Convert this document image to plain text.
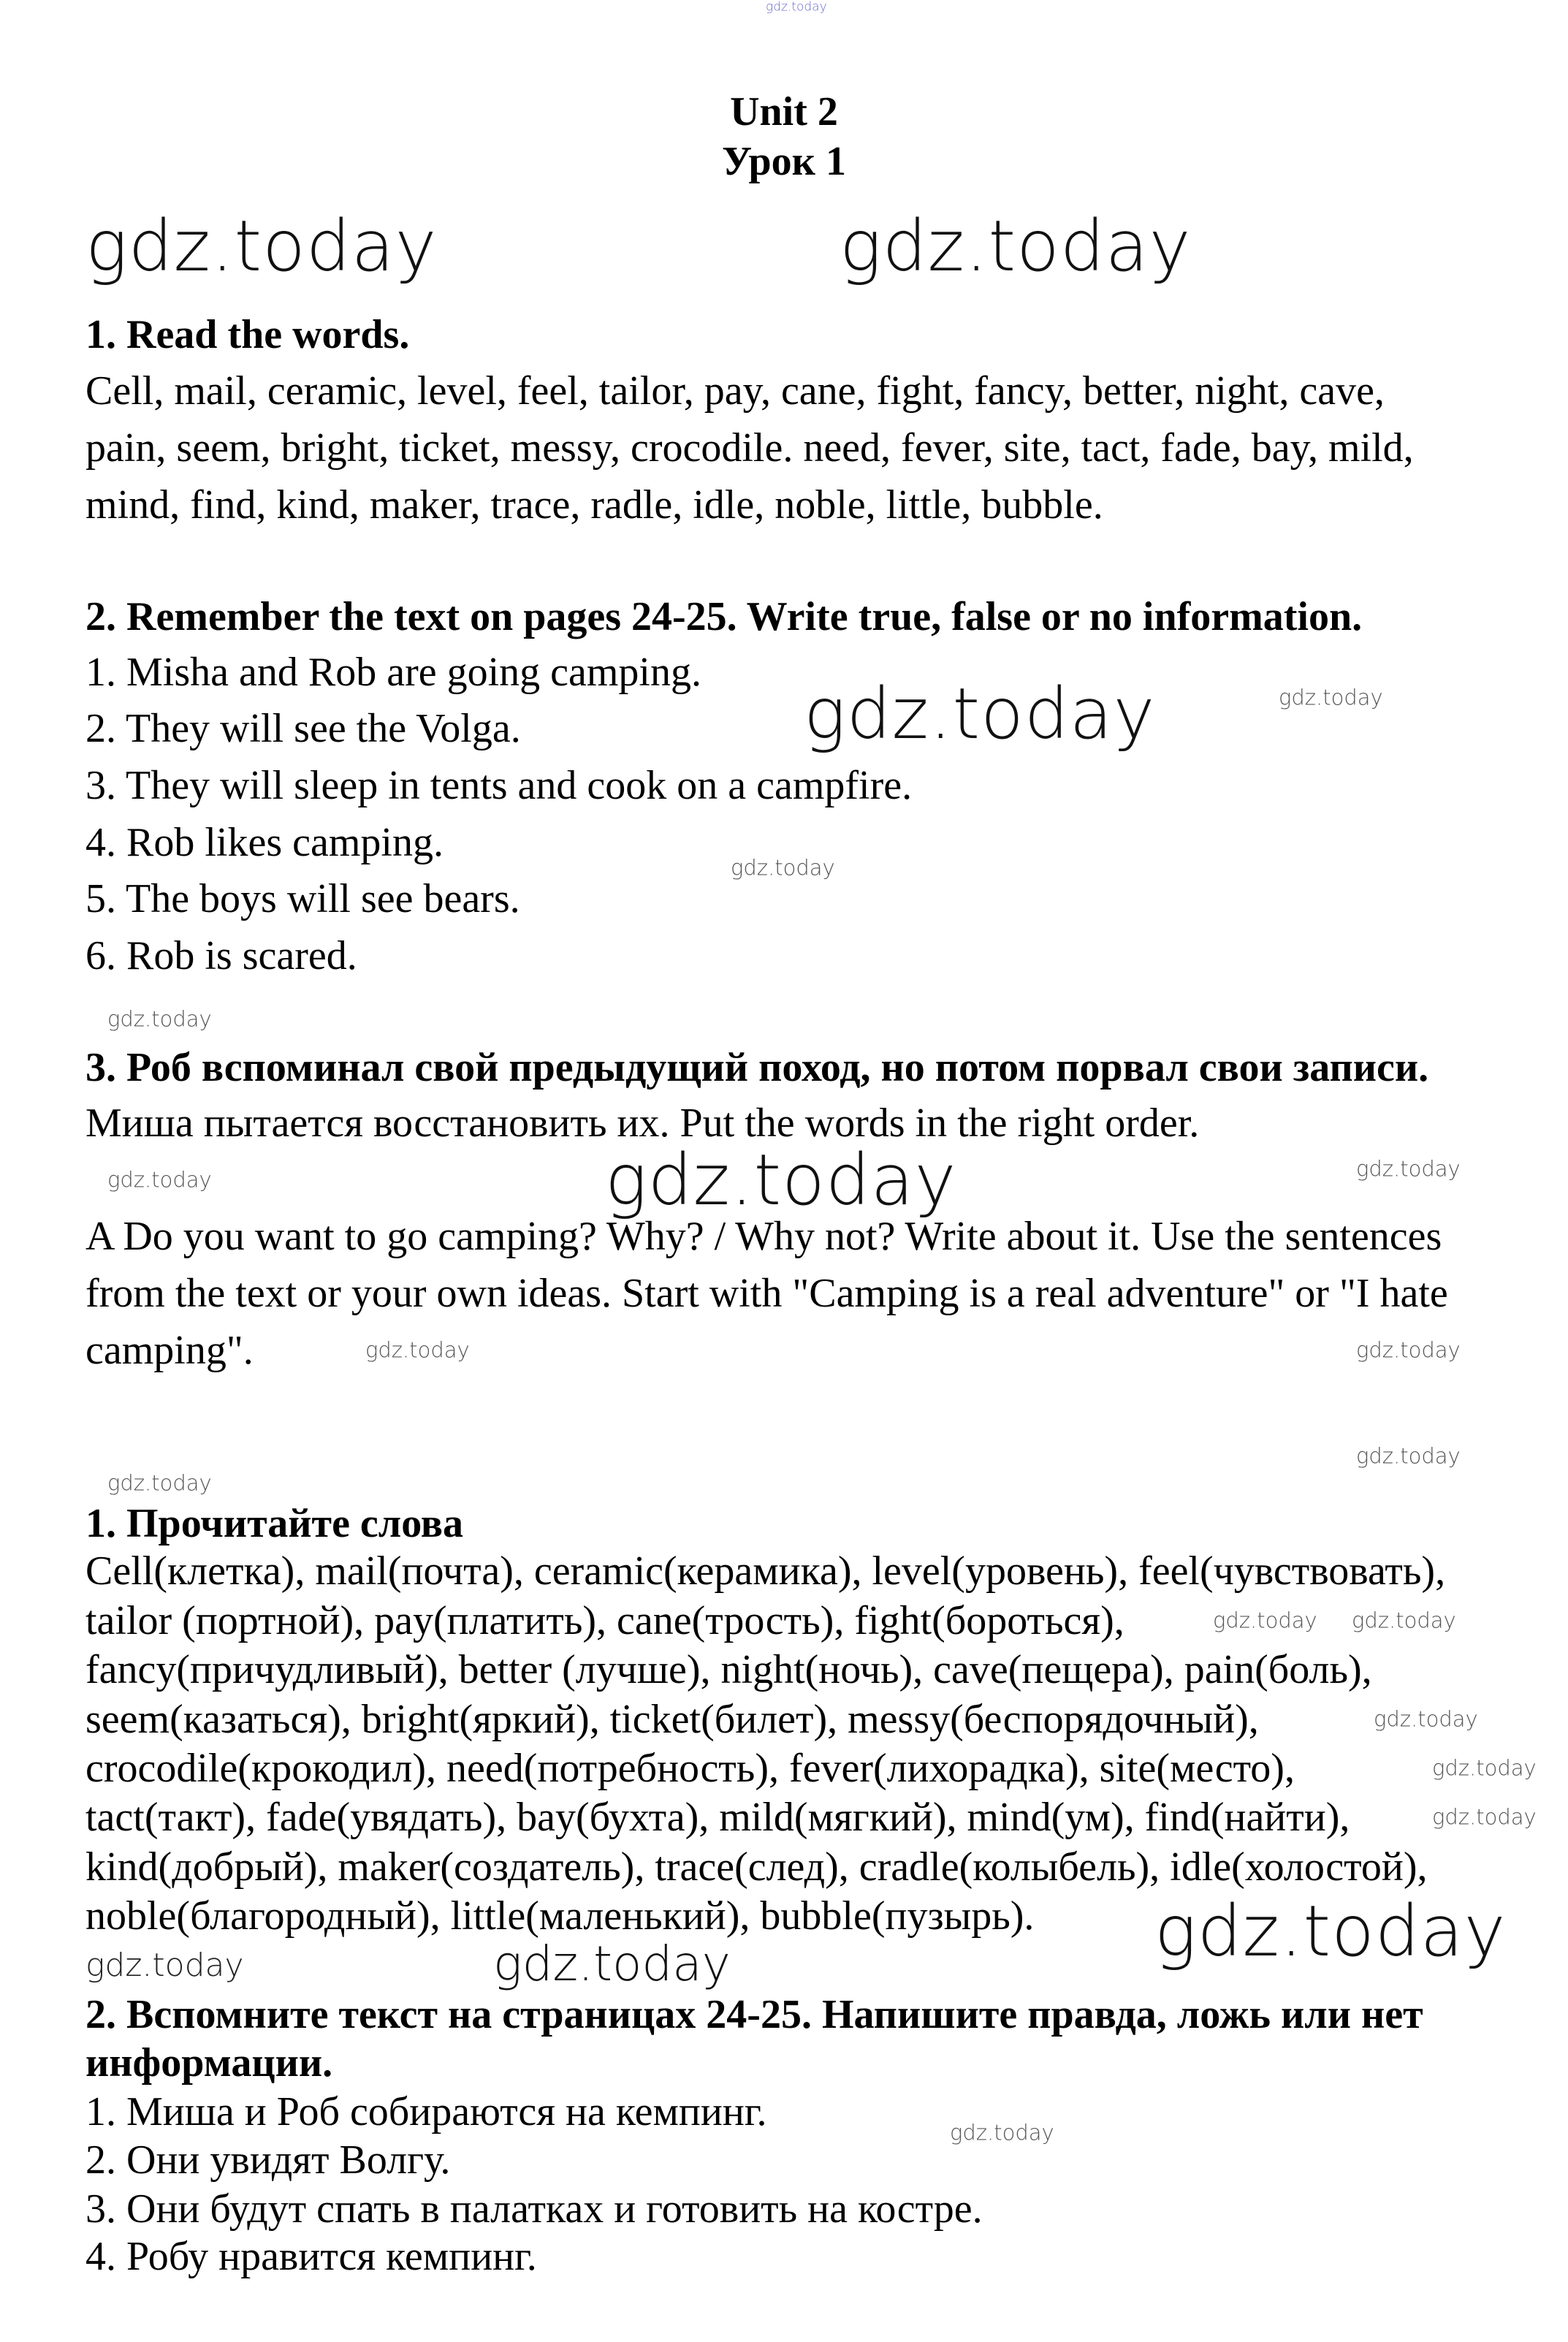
Unit 2
Урок 1
1. Read the words.
Cell, mail, ceramic, level, feel, tailor, pay, cane, fight, fancy, better, night, cave,
pain, seem, bright, ticket, messy, crocodile. need, fever, site, tact, fade, bay, mild,
mind, find, kind, maker, trace, radle, idle, noble, little, bubble.
2. Remember the text on pages 24-25. Write true, false or no information.
1. Misha and Rob are going camping.
2. They will see the Volga.
3. They will sleep in tents and cook on a campfire.
4. Rob likes camping.
5. The boys will see bears.
6. Rob is scared.
3. Роб вспоминал свой предыдущий поход, но потом порвал свои записи.
Миша пытается восстановить их. Put the words in the right order.
A Do you want to go camping? Why? / Why not? Write about it. Use the sentences
from the text or your own ideas. Start with "Camping is a real adventure" or "I hate
camping".
1. Прочитайте слова
Cell(клетка), mail(почта), ceramic(керамика), level(уровень), feel(чувствовать),
tailor (портной), pay(платить), cane(трость), fight(бороться),
fancy(причудливый), better (лучше), night(ночь), cave(пещера), pain(боль),
seem(казаться), bright(яркий), ticket(билет), messy(беспорядочный),
crocodile(крокодил), need(потребность), fever(лихорадка), site(место),
tact(такт), fade(увядать), bay(бухта), mild(мягкий), mind(ум), find(найти),
kind(добрый), maker(создатель), trace(след), cradle(колыбель), idle(холостой),
noble(благородный), little(маленький), bubble(пузырь).
2. Вспомните текст на страницах 24-25. Напишите правда, ложь или нет
информации.
1. Миша и Роб собираются на кемпинг.
2. Они увидят Волгу.
3. Они будут спать в палатках и готовить на костре.
4. Робу нравится кемпинг.
gdz.today
gdz.today	gdz.today
gdz.today
gdz.today
gdz.today
gdz.today
gdz.today
gdz.today
gdz.today
gdz.today
gdz.today	gdz.today
gdz.today	gdz.today
gdz.today
gdz.today
gdz.today gdz.today
gdz.today
gdz.today
gdz.today
gdz.today
